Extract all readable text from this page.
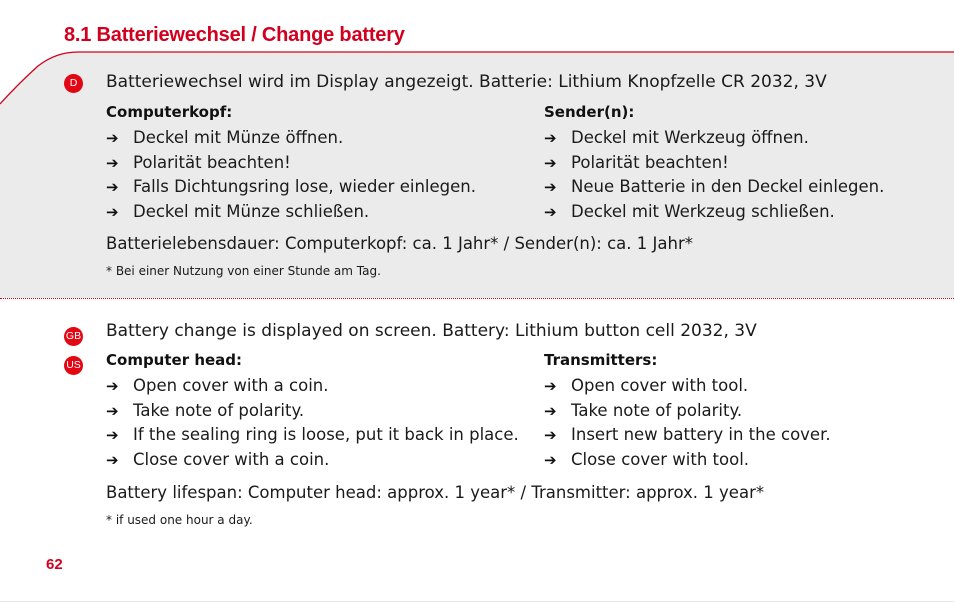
8.1 Batteriewechsel / Change battery
D	Batteriewechsel wird im Display angezeigt. Batterie: Lithium Knopfzelle CR 2032, 3V

Computerkopf:
➔ Deckel mit Münze öffnen.
➔ Polarität beachten!
➔ Falls Dichtungsring lose, wieder einlegen.
➔ Deckel mit Münze schließen.
Sender(n):
➔ Deckel mit Werkzeug öffnen.
➔ Polarität beachten!
➔ Neue Batterie in den Deckel einlegen.
➔ Deckel mit Werkzeug schließen.

Batterielebensdauer: Computerkopf: ca. 1 Jahr* / Sender(n): ca. 1 Jahr*

* Bei einer Nutzung von einer Stunde am Tag.

GB
US

Battery change is displayed on screen. Battery: Lithium button cell 2032, 3V

Computer head:
➔ Open cover with a coin.
➔ Take note of polarity.
➔ If the sealing ring is loose, put it back in place.
➔ Close cover with a coin.
Transmitters:
➔ Open cover with tool.
➔ Take note of polarity.
➔ Insert new battery in the cover.
➔ Close cover with tool.

Battery lifespan: Computer head: approx. 1 year* / Transmitter: approx. 1 year*

* if used one hour a day.

62
